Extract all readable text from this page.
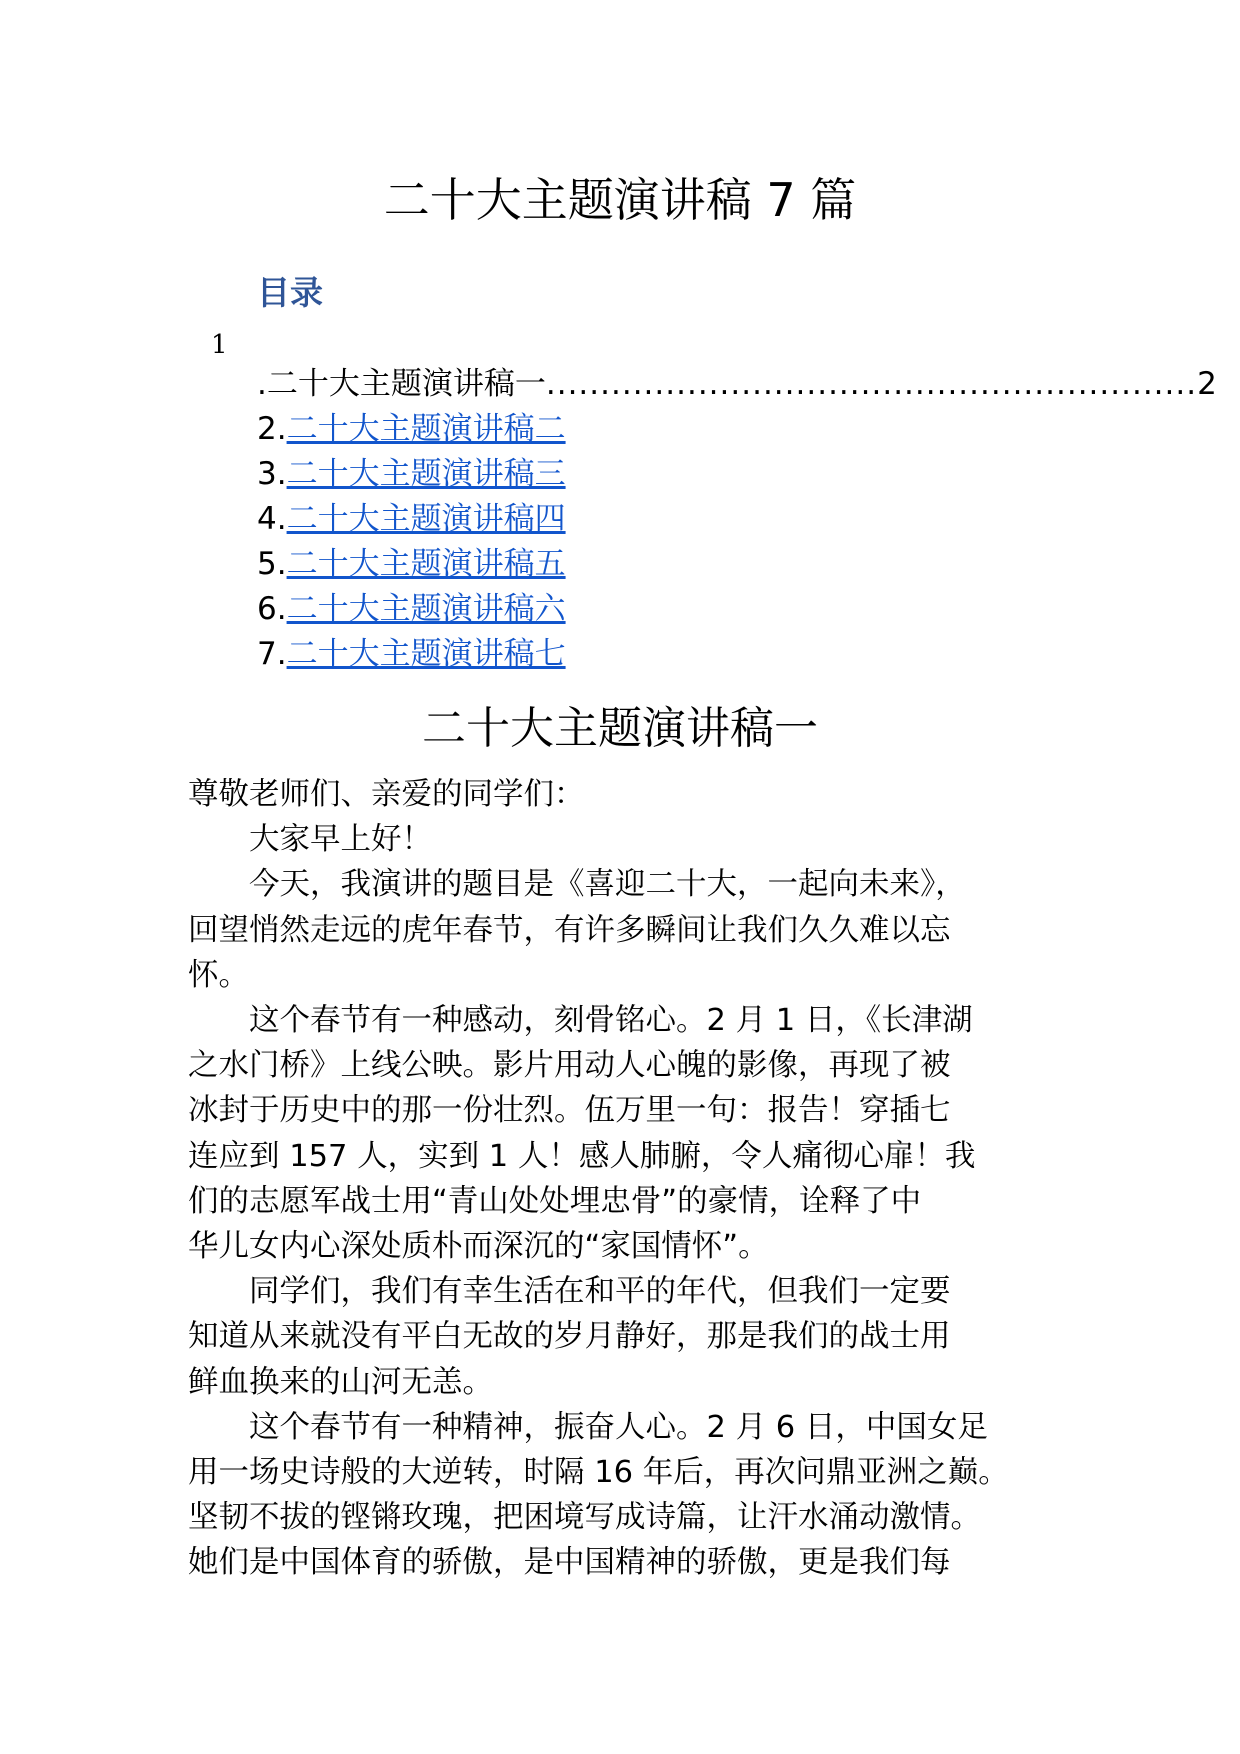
二十大主题演讲稿 7 篇
目录
1
.二十大主题演讲稿一 ............................................................ 2
2. 二十大主题演讲稿二
3. 二十大主题演讲稿三
4. 二十大主题演讲稿四
5. 二十大主题演讲稿五
6. 二十大主题演讲稿六
7. 二十大主题演讲稿七
二十大主题演讲稿一

尊敬老师们、亲爱的同学们：

大家早上好！

今天，我演讲的题目是《喜迎二十大，一起向未来》，
回望悄然走远的虎年春节，有许多瞬间让我们久久难以忘
怀。

这个春节有一种感动，刻骨铭心。2 月 1 日，《长津湖
之水门桥》上线公映。影片用动人心魄的影像，再现了被
冰封于历史中的那一份壮烈。伍万里一句：报告！穿插七
连应到 157 人，实到 1 人！感人肺腑，令人痛彻心扉！我
们的志愿军战士用“青山处处埋忠骨”的豪情，诠释了中
华儿女内心深处质朴而深沉的“家国情怀”。

同学们，我们有幸生活在和平的年代，但我们一定要
知道从来就没有平白无故的岁月静好，那是我们的战士用
鲜血换来的山河无恙。

这个春节有一种精神，振奋人心。2 月 6 日，中国女足
用一场史诗般的大逆转，时隔 16 年后，再次问鼎亚洲之巅。
坚韧不拔的铿锵玫瑰，把困境写成诗篇，让汗水涌动激情。
她们是中国体育的骄傲，是中国精神的骄傲，更是我们每
